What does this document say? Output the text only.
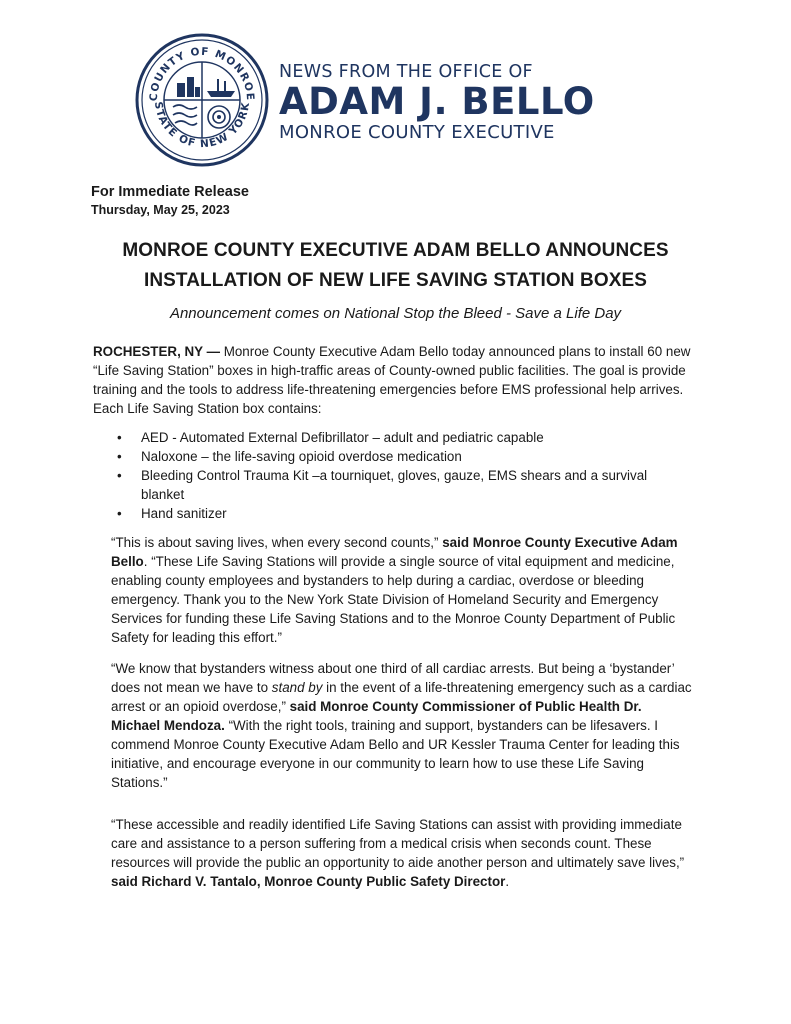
COUNTY OF MONROE
STATE OF NEW YORK
NEWS FROM THE OFFICE OF
ADAM J. BELLO
MONROE COUNTY EXECUTIVE
For Immediate Release
Thursday, May 25, 2023
MONROE COUNTY EXECUTIVE ADAM BELLO ANNOUNCES
INSTALLATION OF NEW LIFE SAVING STATION BOXES
Announcement comes on National Stop the Bleed - Save a Life Day
ROCHESTER, NY — Monroe County Executive Adam Bello today announced plans to install 60 new “Life Saving Station” boxes in high-traffic areas of County-owned public facilities. The goal is provide training and the tools to address life-threatening emergencies before EMS professional help arrives. Each Life Saving Station box contains:
• AED - Automated External Defibrillator – adult and pediatric capable
• Naloxone – the life-saving opioid overdose medication
• Bleeding Control Trauma Kit –a tourniquet, gloves, gauze, EMS shears and a survival blanket
• Hand sanitizer
“This is about saving lives, when every second counts,” said Monroe County Executive Adam Bello. “These Life Saving Stations will provide a single source of vital equipment and medicine, enabling county employees and bystanders to help during a cardiac, overdose or bleeding emergency. Thank you to the New York State Division of Homeland Security and Emergency Services for funding these Life Saving Stations and to the Monroe County Department of Public Safety for leading this effort.”
“We know that bystanders witness about one third of all cardiac arrests. But being a ‘bystander’ does not mean we have to stand by in the event of a life-threatening emergency such as a cardiac arrest or an opioid overdose,” said Monroe County Commissioner of Public Health Dr. Michael Mendoza. “With the right tools, training and support, bystanders can be lifesavers. I commend Monroe County Executive Adam Bello and UR Kessler Trauma Center for leading this initiative, and encourage everyone in our community to learn how to use these Life Saving Stations.”
“These accessible and readily identified Life Saving Stations can assist with providing immediate care and assistance to a person suffering from a medical crisis when seconds count. These resources will provide the public an opportunity to aide another person and ultimately save lives,” said Richard V. Tantalo, Monroe County Public Safety Director.
